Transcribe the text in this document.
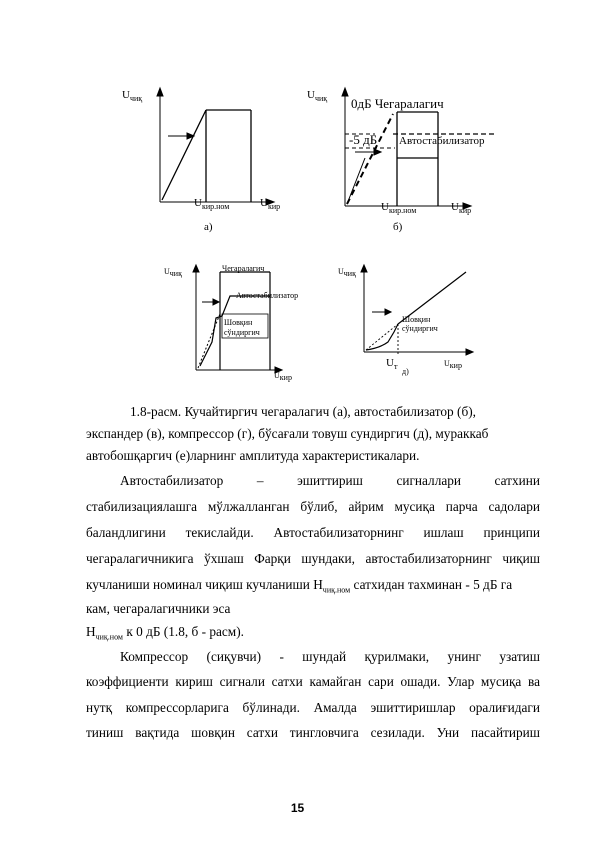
$U_{чиқ}$
$U_{кир.ном}$	$U_{кир}$
a)
$U_{чиқ}$ 0дБ Чегаралагич
-5 дБ Автостабилизатор
$U_{кир.ном}$	$U_{кир}$
б)
Uчиқ
Чегаралагич
Автостабилизатор
Шовқин
сўндиргич
Uкир
Uчиқ
Шовқин
сўндиргич
$U_т$
д)
Uкир
1.8-расм. Кучайтиргич чегаралагич (а), автостабилизатор (б),
экспандер (в), компрессор (г), бўсағали товуш сундиргич (д), мураккаб
автобошқаргич (е)ларнинг амплитуда характеристикалари.
Автостабилизатор – эшиттириш сигналлари сатхини
стабилизациялашга мўлжалланган бўлиб, айрим мусиқа парча садолари
баландлигини текислайди. Автостабилизаторнинг ишлаш принципи
чегаралагичникига ўхшаш Фарқи шундаки, автостабилизаторнинг чиқиш
кучланиши номинал чиқиш кучланиши $Н_{чиқ.ном}$ сатхидан тахминан - 5 дБ га
кам, чегаралагичники эса
$Н_{чиқ.ном}$ к 0 дБ (1.8, б - расм).
Компрессор (сиқувчи) - шундай қурилмаки, унинг узатиш
коэффициенти кириш сигнали сатхи камайган сари ошади. Улар мусиқа ва
нутқ компрессорларига бўлинади. Амалда эшиттиришлар оралиғидаги
тиниш вақтида шовқин сатхи тингловчига сезилади. Уни пасайтириш
15
